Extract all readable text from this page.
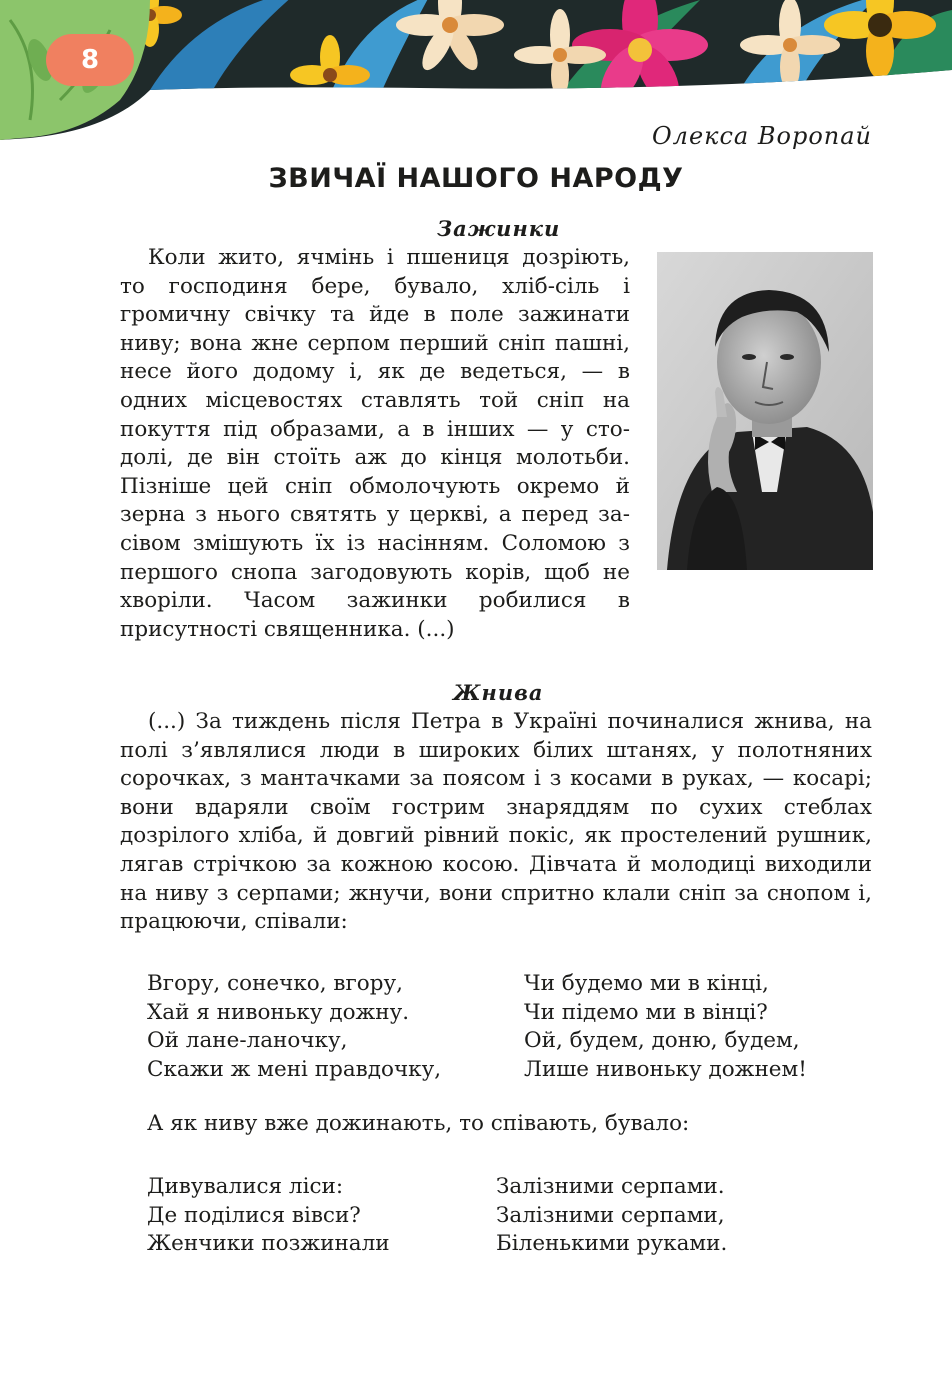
8
Олекса Воропай
ЗВИЧАЇ НАШОГО НАРОДУ
Зажинки

Коли жито, ячмінь і пшениця дозріють, то господиня бере, бувало, хліб-сіль і громичну свічку та йде в поле зажинати ниву; вона жне серпом перший сніп пашні, несе його додому і, як де ведеться, — в одних місцевостях ставлять той сніп на покуття під образами, а в інших — у стодолі, де він стоїть аж до кінця молотьби. Пізніше цей сніп обмолочують окремо й зерна з нього святять у церкві, а перед засівом змішують їх із насінням. Соломою з першого снопа загодовують корів, щоб не хворіли. Часом зажинки робилися в присутності священника. (...)

Жнива

(...) За тиждень після Петра в Україні починалися жнива, на полі з’являлися люди в широких білих штанях, у полотняних сорочках, з мантачками за поясом і з косами в руках, — косарі; вони вдаряли своїм гострим знаряддям по сухих стеблах дозрілого хліба, й довгий рівний покіс, як простелений рушник, лягав стрічкою за кожною косою. Дівчата й молодиці виходили на ниву з серпами; жнучи, вони спритно клали сніп за снопом і, працюючи, співали:

Вгору, сонечко, вгору,
Хай я нивоньку дожну.
Ой лане-ланочку,
Скажи ж мені правдочку,
Чи будемо ми в кінці,
Чи підемо ми в вінці?
Ой, будем, доню, будем,
Лише нивоньку дожнем!
А як ниву вже дожинають, то співають, бувало:
Дивувалися ліси:
Де поділися вівси?
Женчики позжинали
Залізними серпами.
Залізними серпами,
Біленькими руками.
